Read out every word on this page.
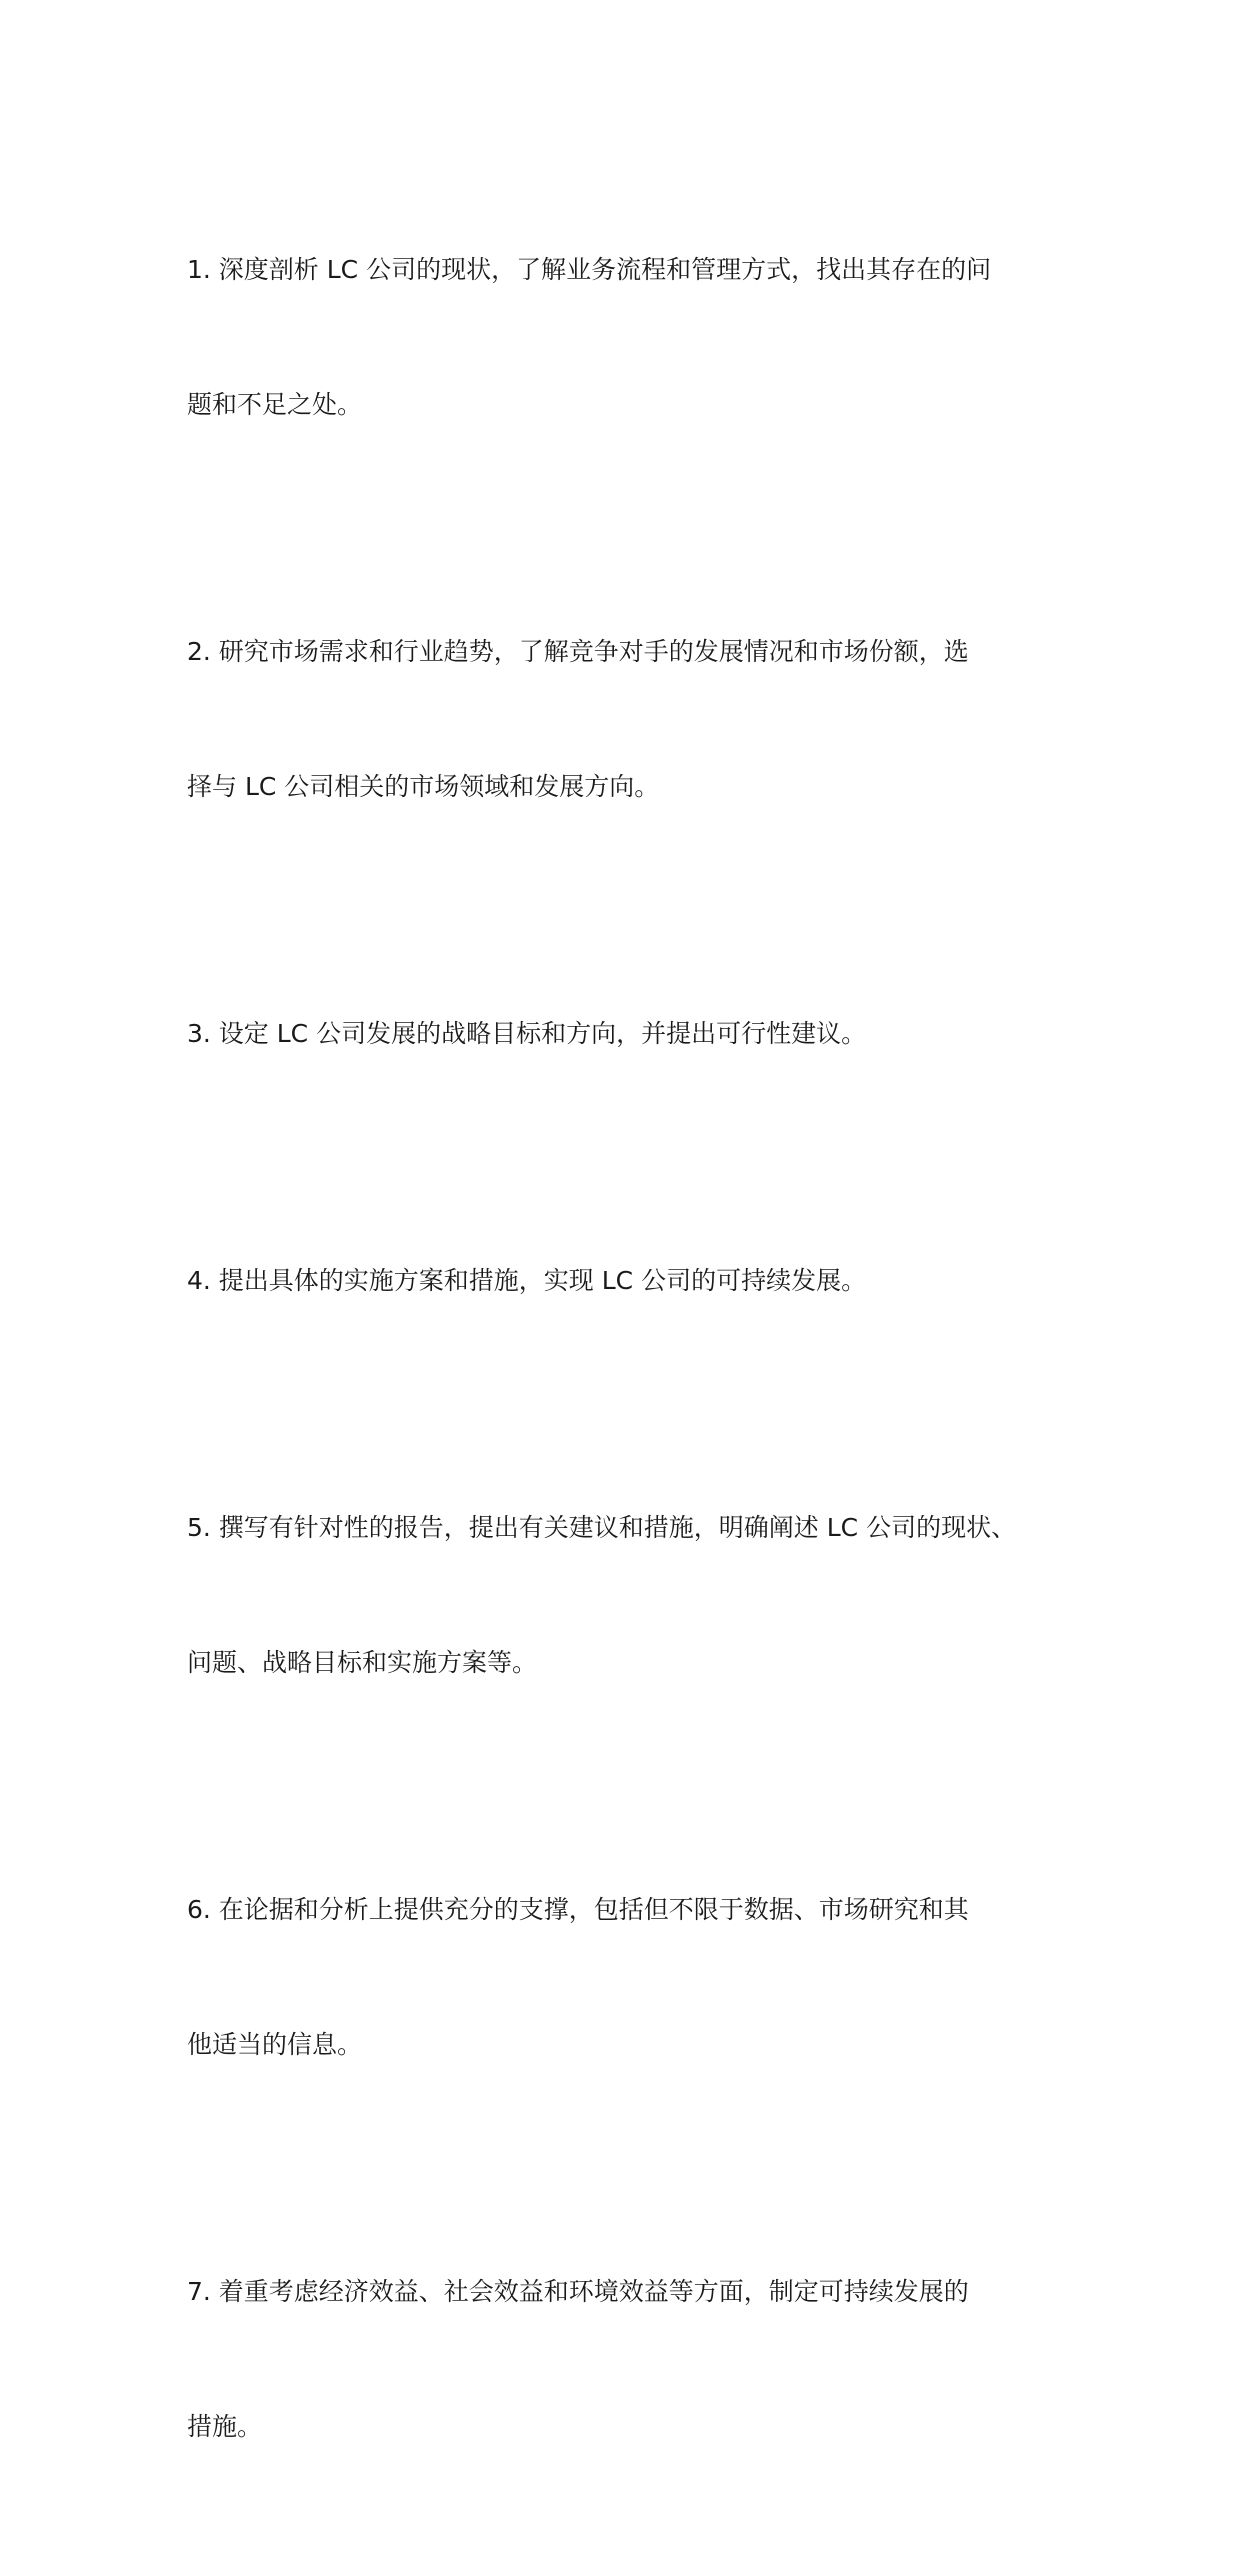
1. 深度剖析 LC 公司的现状，了解业务流程和管理方式，找出其存在的问

题和不足之处。

2. 研究市场需求和行业趋势，了解竞争对手的发展情况和市场份额，选

择与 LC 公司相关的市场领域和发展方向。

3. 设定 LC 公司发展的战略目标和方向，并提出可行性建议。

4. 提出具体的实施方案和措施，实现 LC 公司的可持续发展。

5. 撰写有针对性的报告，提出有关建议和措施，明确阐述 LC 公司的现状、

问题、战略目标和实施方案等。

6. 在论据和分析上提供充分的支撑，包括但不限于数据、市场研究和其

他适当的信息。

7. 着重考虑经济效益、社会效益和环境效益等方面，制定可持续发展的

措施。
